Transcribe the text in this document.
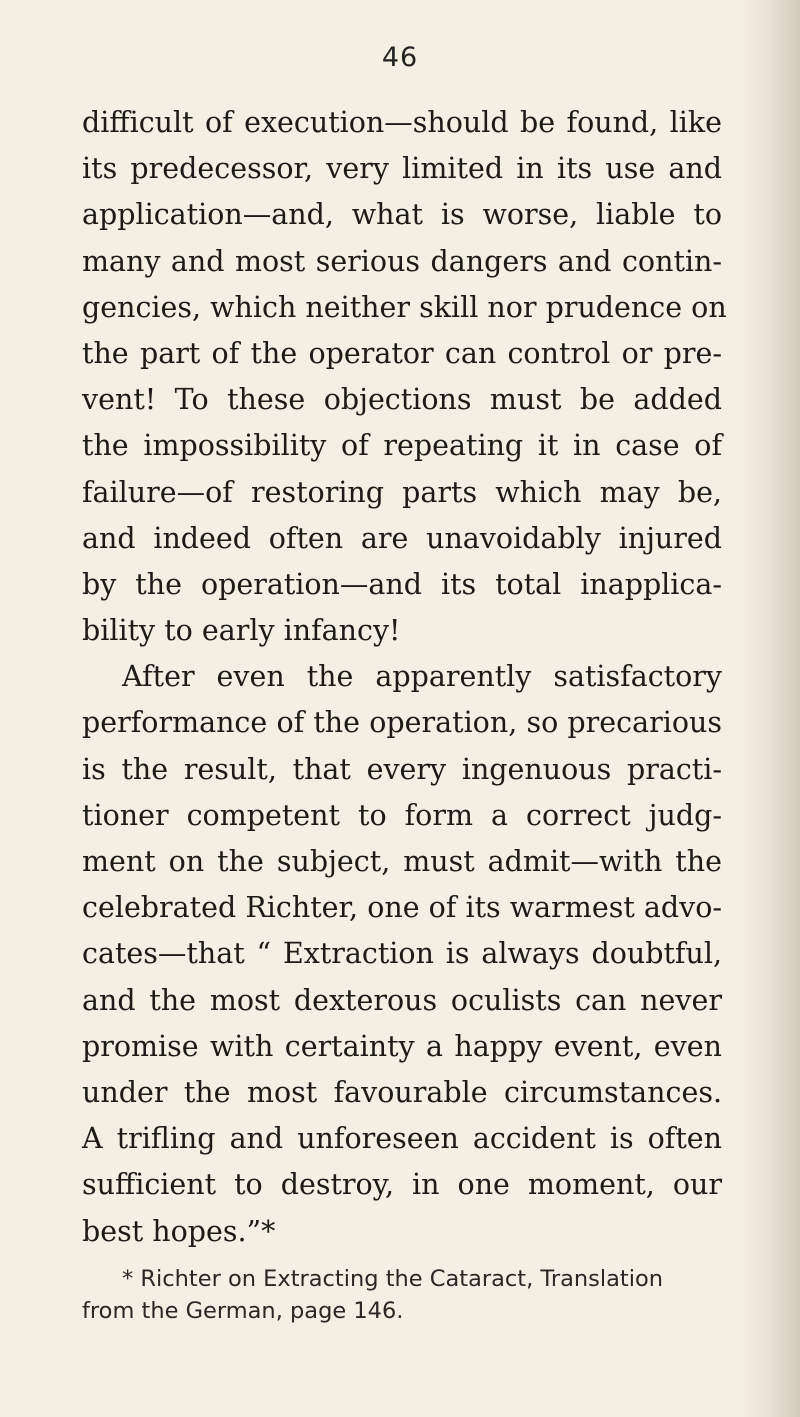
46
difficult of execution—should be found, like
its predecessor, very limited in its use and
application—and, what is worse, liable to
many and most serious dangers and contin-
gencies, which neither skill nor prudence on
the part of the operator can control or pre-
vent! To these objections must be added
the impossibility of repeating it in case of
failure—of restoring parts which may be,
and indeed often are unavoidably injured
by the operation—and its total inapplica-
bility to early infancy!
After even the apparently satisfactory
performance of the operation, so precarious
is the result, that every ingenuous practi-
tioner competent to form a correct judg-
ment on the subject, must admit—with the
celebrated Richter, one of its warmest advo-
cates—that “ Extraction is always doubtful,
and the most dexterous oculists can never
promise with certainty a happy event, even
under the most favourable circumstances.
A trifling and unforeseen accident is often
sufficient to destroy, in one moment, our
best hopes.”*
* Richter on Extracting the Cataract, Translation
from the German, page 146.
